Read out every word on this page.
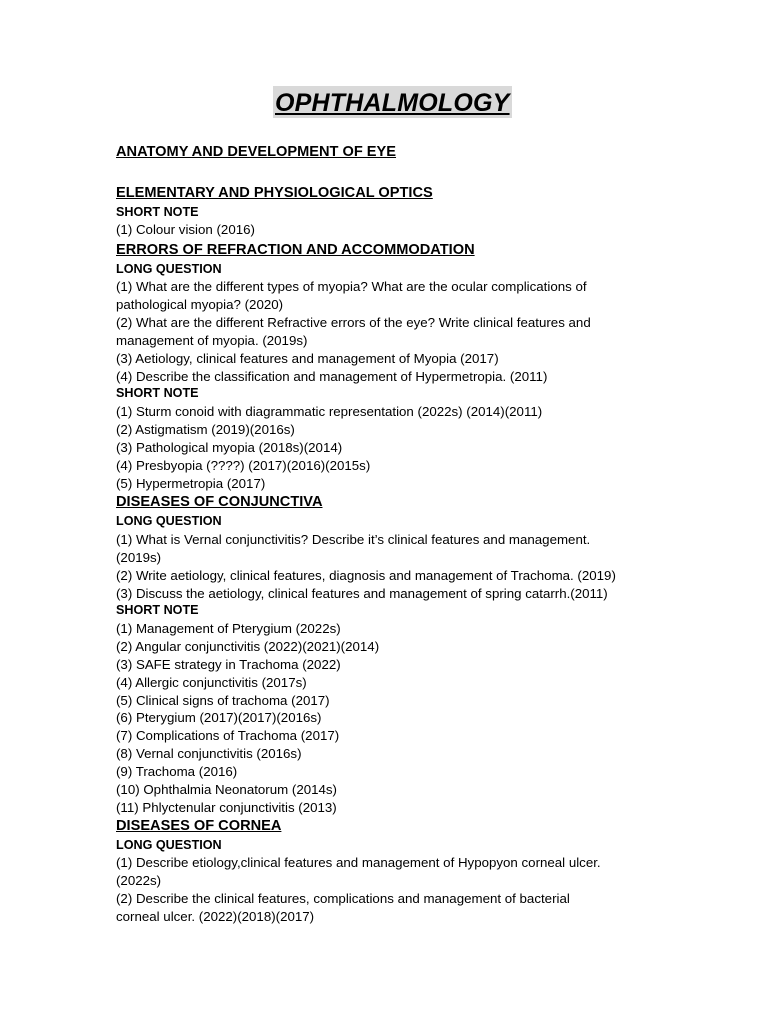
OPHTHALMOLOGY
ANATOMY AND DEVELOPMENT OF EYE
ELEMENTARY AND PHYSIOLOGICAL OPTICS
SHORT NOTE
(1) Colour vision (2016)
ERRORS OF REFRACTION AND ACCOMMODATION
LONG QUESTION
(1) What are the different types of myopia? What are the ocular complications of
pathological myopia? (2020)
(2) What are the different Refractive errors of the eye? Write clinical features and
management of myopia. (2019s)
(3) Aetiology, clinical features and management of Myopia (2017)
(4) Describe the classification and management of Hypermetropia. (2011)
SHORT NOTE
(1) Sturm conoid with diagrammatic representation (2022s) (2014)(2011)
(2) Astigmatism (2019)(2016s)
(3) Pathological myopia (2018s)(2014)
(4) Presbyopia (????) (2017)(2016)(2015s)
(5) Hypermetropia (2017)
DISEASES OF CONJUNCTIVA
LONG QUESTION
(1) What is Vernal conjunctivitis? Describe it’s clinical features and management.
(2019s)
(2) Write aetiology, clinical features, diagnosis and management of Trachoma. (2019)
(3) Discuss the aetiology, clinical features and management of spring catarrh.(2011)
SHORT NOTE
(1) Management of Pterygium (2022s)
(2) Angular conjunctivitis (2022)(2021)(2014)
(3) SAFE strategy in Trachoma (2022)
(4) Allergic conjunctivitis (2017s)
(5) Clinical signs of trachoma (2017)
(6) Pterygium (2017)(2017)(2016s)
(7) Complications of Trachoma (2017)
(8) Vernal conjunctivitis (2016s)
(9) Trachoma (2016)
(10) Ophthalmia Neonatorum (2014s)
(11) Phlyctenular conjunctivitis (2013)
DISEASES OF CORNEA
LONG QUESTION
(1) Describe etiology,clinical features and management of Hypopyon corneal ulcer.
(2022s)
(2) Describe the clinical features, complications and management of bacterial
corneal ulcer. (2022)(2018)(2017)
